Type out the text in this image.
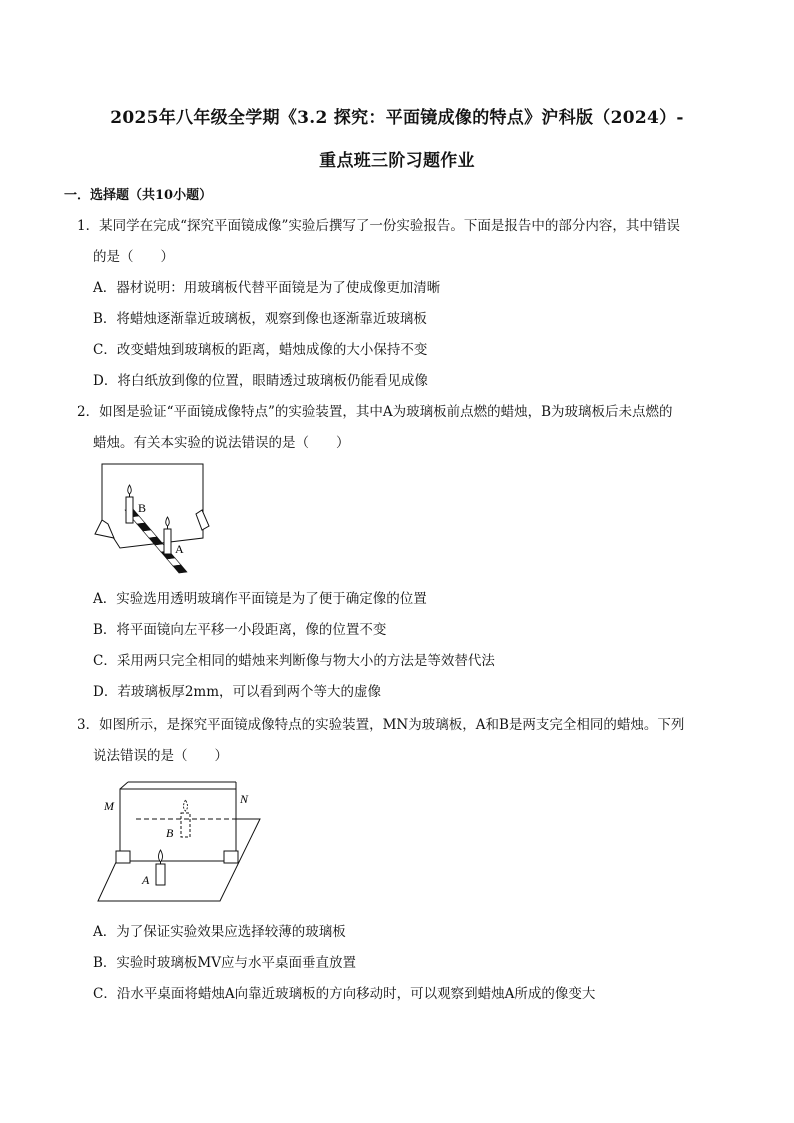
2025年八年级全学期《3.2 探究：平面镜成像的特点》沪科版（2024）-
重点班三阶习题作业
一．选择题（共10小题）
1．某同学在完成“探究平面镜成像”实验后撰写了一份实验报告。下面是报告中的部分内容，其中错误
的是（　　）
A．器材说明：用玻璃板代替平面镜是为了使成像更加清晰
B．将蜡烛逐渐靠近玻璃板，观察到像也逐渐靠近玻璃板
C．改变蜡烛到玻璃板的距离，蜡烛成像的大小保持不变
D．将白纸放到像的位置，眼睛透过玻璃板仍能看见成像
2．如图是验证“平面镜成像特点”的实验装置，其中A为玻璃板前点燃的蜡烛，B为玻璃板后未点燃的
蜡烛。有关本实验的说法错误的是（　　）
B
A
A．实验选用透明玻璃作平面镜是为了便于确定像的位置
B．将平面镜向左平移一小段距离，像的位置不变
C．采用两只完全相同的蜡烛来判断像与物大小的方法是等效替代法
D．若玻璃板厚2mm，可以看到两个等大的虚像
3．如图所示，是探究平面镜成像特点的实验装置，MN为玻璃板，A和B是两支完全相同的蜡烛。下列
说法错误的是（　　）
B
A
M	N
A．为了保证实验效果应选择较薄的玻璃板
B．实验时玻璃板MV应与水平桌面垂直放置
C．沿水平桌面将蜡烛A向靠近玻璃板的方向移动时，可以观察到蜡烛A所成的像变大
